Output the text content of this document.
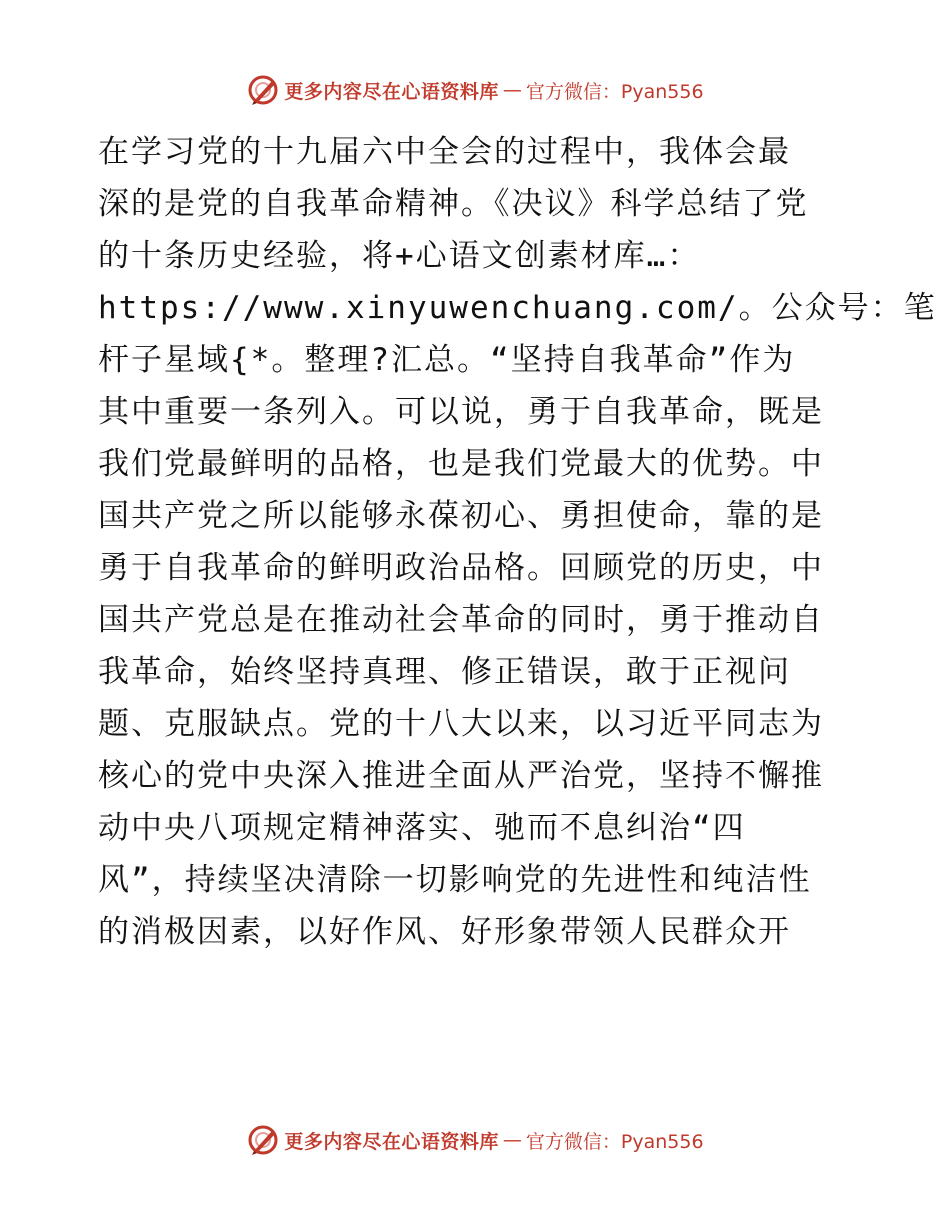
更多内容尽在心语资料库 — 官方微信：Pyan556
在学习党的十九届六中全会的过程中，我体会最
深的是党的自我革命精神。《决议》科学总结了党
的十条历史经验，将+心语文创素材库…：
https://www.xinyuwenchuang.com/。公众号：笔
杆子星域{*。整理?汇总。“坚持自我革命”作为
其中重要一条列入。可以说，勇于自我革命，既是
我们党最鲜明的品格，也是我们党最大的优势。中
国共产党之所以能够永葆初心、勇担使命，靠的是
勇于自我革命的鲜明政治品格。回顾党的历史，中
国共产党总是在推动社会革命的同时，勇于推动自
我革命，始终坚持真理、修正错误，敢于正视问
题、克服缺点。党的十八大以来，以习近平同志为
核心的党中央深入推进全面从严治党，坚持不懈推
动中央八项规定精神落实、驰而不息纠治“四
风”，持续坚决清除一切影响党的先进性和纯洁性
的消极因素，以好作风、好形象带领人民群众开
更多内容尽在心语资料库 — 官方微信：Pyan556
